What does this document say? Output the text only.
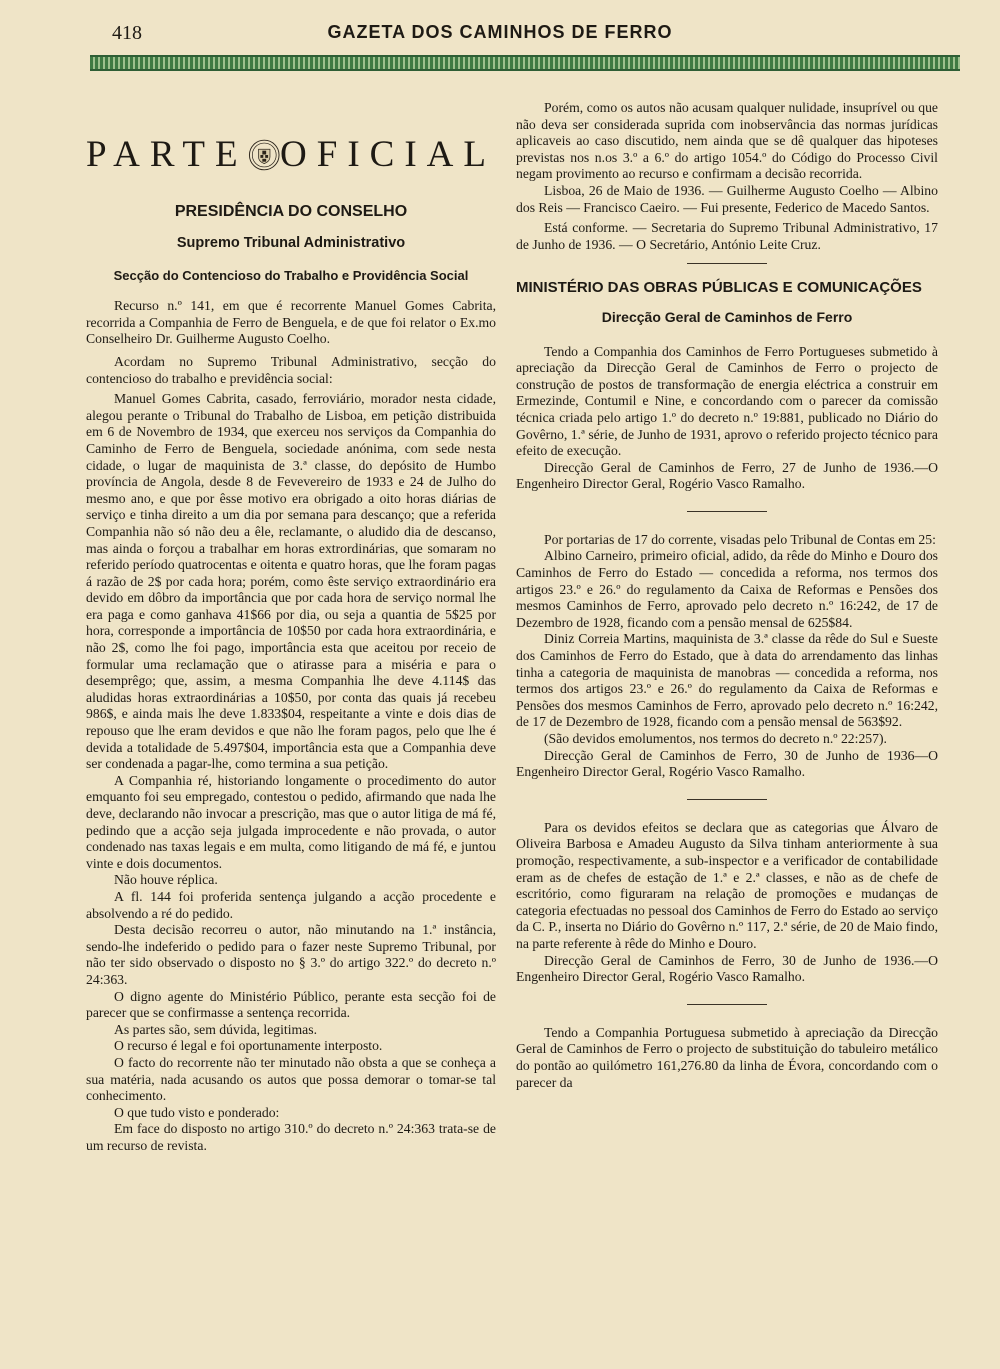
418	GAZETA DOS CAMINHOS DE FERRO
PARTE OFICIAL
PRESIDÊNCIA DO CONSELHO
Supremo Tribunal Administrativo
Secção do Contencioso do Trabalho e Providência Social

Recurso n.º 141, em que é recorrente Manuel Gomes Cabrita, recorrida a Companhia de Ferro de Benguela, e de que foi relator o Ex.mo Conselheiro Dr. Guilherme Augusto Coelho.

Acordam no Supremo Tribunal Administrativo, secção do contencioso do trabalho e previdência social:

Manuel Gomes Cabrita, casado, ferroviário, morador nesta cidade, alegou perante o Tribunal do Trabalho de Lisboa, em petição distribuida em 6 de Novembro de 1934, que exerceu nos serviços da Companhia do Caminho de Ferro de Benguela, sociedade anónima, com sede nesta cidade, o lugar de maquinista de 3.ª classe, do depósito de Humbo província de Angola, desde 8 de Fevevereiro de 1933 e 24 de Julho do mesmo ano, e que por êsse motivo era obrigado a oito horas diárias de serviço e tinha direito a um dia por semana para descanço; que a referida Companhia não só não deu a êle, reclamante, o aludido dia de descanso, mas ainda o forçou a trabalhar em horas extrordinárias, que somaram no referido período quatrocentas e oitenta e quatro horas, que lhe foram pagas á razão de 2$ por cada hora; porém, como êste serviço extraordinário era devido em dôbro da importância que por cada hora de serviço normal lhe era paga e como ganhava 41$66 por dia, ou seja a quantia de 5$25 por hora, corresponde a importância de 10$50 por cada hora extraordinária, e não 2$, como lhe foi pago, importância esta que aceitou por receio de formular uma reclamação que o atirasse para a miséria e para o desemprêgo; que, assim, a mesma Companhia lhe deve 4.114$ das aludidas horas extraordinárias a 10$50, por conta das quais já recebeu 986$, e ainda mais lhe deve 1.833$04, respeitante a vinte e dois dias de repouso que lhe eram devidos e que não lhe foram pagos, pelo que lhe é devida a totalidade de 5.497$04, importância esta que a Companhia deve ser condenada a pagar-lhe, como termina a sua petição.

A Companhia ré, historiando longamente o procedimento do autor emquanto foi seu empregado, contestou o pedido, afirmando que nada lhe deve, declarando não invocar a prescrição, mas que o autor litiga de má fé, pedindo que a acção seja julgada improcedente e não provada, o autor condenado nas taxas legais e em multa, como litigando de má fé, e juntou vinte e dois documentos.

Não houve réplica.

A fl. 144 foi proferida sentença julgando a acção procedente e absolvendo a ré do pedido.

Desta decisão recorreu o autor, não minutando na 1.ª instância, sendo-lhe indeferido o pedido para o fazer neste Supremo Tribunal, por não ter sido observado o disposto no § 3.º do artigo 322.º do decreto n.º 24:363.

O digno agente do Ministério Público, perante esta secção foi de parecer que se confirmasse a sentença recorrida.

As partes são, sem dúvida, legitimas.

O recurso é legal e foi oportunamente interposto.

O facto do recorrente não ter minutado não obsta a que se conheça a sua matéria, nada acusando os autos que possa demorar o tomar-se tal conhecimento.

O que tudo visto e ponderado:

Em face do disposto no artigo 310.º do decreto n.º 24:363 trata-se de um recurso de revista.

Porém, como os autos não acusam qualquer nulidade, insuprível ou que não deva ser considerada suprida com inobservância das normas jurídicas aplicaveis ao caso discutido, nem ainda que se dê qualquer das hipoteses previstas nos n.os 3.º a 6.º do artigo 1054.º do Código do Processo Civil negam provimento ao recurso e confirmam a decisão recorrida.

Lisboa, 26 de Maio de 1936. — Guilherme Augusto Coelho — Albino dos Reis — Francisco Caeiro. — Fui presente, Federico de Macedo Santos.

Está conforme. — Secretaria do Supremo Tribunal Administrativo, 17 de Junho de 1936. — O Secretário, António Leite Cruz.

MINISTÉRIO DAS OBRAS PÚBLICAS E COMUNICAÇÕES
Direcção Geral de Caminhos de Ferro

Tendo a Companhia dos Caminhos de Ferro Portugueses submetido à apreciação da Direcção Geral de Caminhos de Ferro o projecto de construção de postos de transformação de energia eléctrica a construir em Ermezinde, Contumil e Nine, e concordando com o parecer da comissão técnica criada pelo artigo 1.º do decreto n.º 19:881, publicado no Diário do Govêrno, 1.ª série, de Junho de 1931, aprovo o referido projecto técnico para efeito de execução.

Direcção Geral de Caminhos de Ferro, 27 de Junho de 1936.—O Engenheiro Director Geral, Rogério Vasco Ramalho.

Por portarias de 17 do corrente, visadas pelo Tribunal de Contas em 25:

Albino Carneiro, primeiro oficial, adido, da rêde do Minho e Douro dos Caminhos de Ferro do Estado — concedida a reforma, nos termos dos artigos 23.º e 26.º do regulamento da Caixa de Reformas e Pensões dos mesmos Caminhos de Ferro, aprovado pelo decreto n.º 16:242, de 17 de Dezembro de 1928, ficando com a pensão mensal de 625$84.

Diniz Correia Martins, maquinista de 3.ª classe da rêde do Sul e Sueste dos Caminhos de Ferro do Estado, que à data do arrendamento das linhas tinha a categoria de maquinista de manobras — concedida a reforma, nos termos dos artigos 23.º e 26.º do regulamento da Caixa de Reformas e Pensões dos mesmos Caminhos de Ferro, aprovado pelo decreto n.º 16:242, de 17 de Dezembro de 1928, ficando com a pensão mensal de 563$92.

(São devidos emolumentos, nos termos do decreto n.º 22:257).

Direcção Geral de Caminhos de Ferro, 30 de Junho de 1936—O Engenheiro Director Geral, Rogério Vasco Ramalho.

Para os devidos efeitos se declara que as categorias que Álvaro de Oliveira Barbosa e Amadeu Augusto da Silva tinham anteriormente à sua promoção, respectivamente, a sub-inspector e a verificador de contabilidade eram as de chefes de estação de 1.ª e 2.ª classes, e não as de chefe de escritório, como figuraram na relação de promoções e mudanças de categoria efectuadas no pessoal dos Caminhos de Ferro do Estado ao serviço da C. P., inserta no Diário do Govêrno n.º 117, 2.ª série, de 20 de Maio findo, na parte referente à rêde do Minho e Douro.

Direcção Geral de Caminhos de Ferro, 30 de Junho de 1936.—O Engenheiro Director Geral, Rogério Vasco Ramalho.

Tendo a Companhia Portuguesa submetido à apreciação da Direcção Geral de Caminhos de Ferro o projecto de substituição do tabuleiro metálico do pontão ao quilómetro 161,276.80 da linha de Évora, concordando com o parecer da
